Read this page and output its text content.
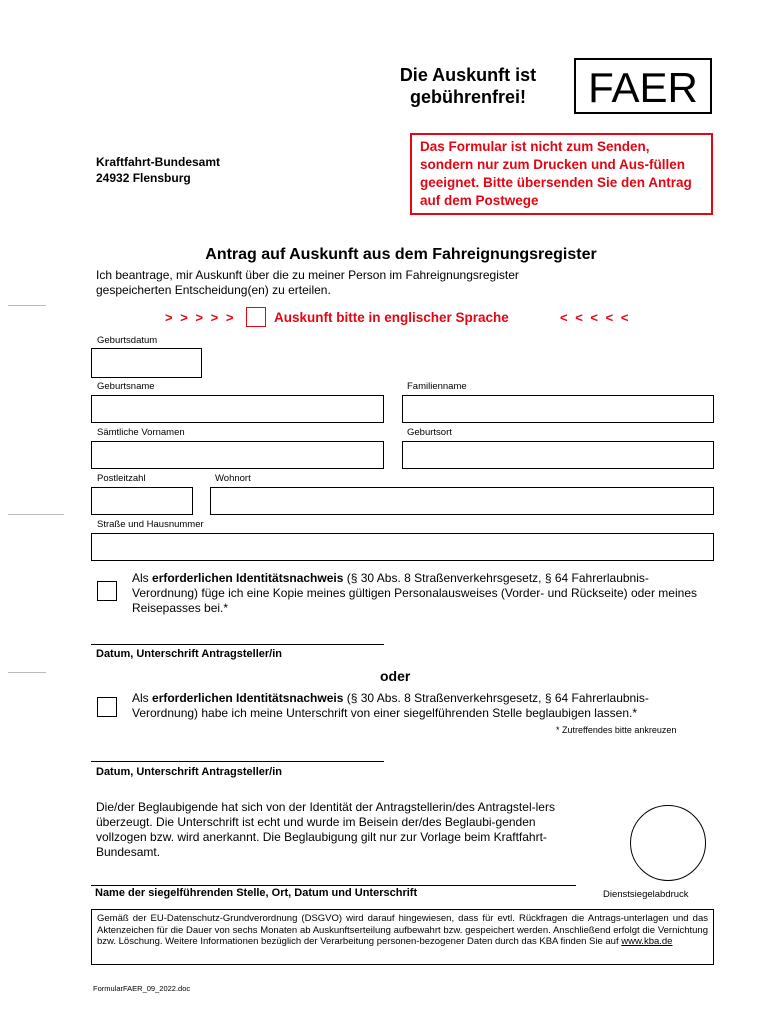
Die Auskunft ist gebührenfrei!	FAER
Das Formular ist nicht zum Senden, sondern nur zum Drucken und Aus-füllen geeignet. Bitte übersenden Sie den Antrag auf dem Postwege
Kraftfahrt-Bundesamt
24932 Flensburg
Antrag auf Auskunft aus dem Fahreignungsregister
Ich beantrage, mir Auskunft über die zu meiner Person im Fahreignungsregister gespeicherten Entscheidung(en) zu erteilen.
> > > > >	Auskunft bitte in englischer Sprache	< < < < <
Geburtsdatum
Geburtsname	Familienname
Sämtliche Vornamen	Geburtsort
Postleitzahl	Wohnort
Straße und Hausnummer
Als erforderlichen Identitätsnachweis (§ 30 Abs. 8 Straßenverkehrsgesetz, § 64 Fahrerlaubnis-Verordnung) füge ich eine Kopie meines gültigen Personalausweises (Vorder- und Rückseite) oder meines Reisepasses bei.*
Datum, Unterschrift Antragsteller/in
oder
Als erforderlichen Identitätsnachweis (§ 30 Abs. 8 Straßenverkehrsgesetz, § 64 Fahrerlaubnis-Verordnung) habe ich meine Unterschrift von einer siegelführenden Stelle beglaubigen lassen.*
* Zutreffendes bitte ankreuzen
Datum, Unterschrift Antragsteller/in
Die/der Beglaubigende hat sich von der Identität der Antragstellerin/des Antragstel-lers überzeugt. Die Unterschrift ist echt und wurde im Beisein der/des Beglaubi-genden vollzogen bzw. wird anerkannt. Die Beglaubigung gilt nur zur Vorlage beim Kraftfahrt-Bundesamt.
Name der siegelführenden Stelle, Ort, Datum und Unterschrift	Dienstsiegelabdruck
Gemäß der EU-Datenschutz-Grundverordnung (DSGVO) wird darauf hingewiesen, dass für evtl. Rückfragen die Antrags-unterlagen und das Aktenzeichen für die Dauer von sechs Monaten ab Auskunftserteilung aufbewahrt bzw. gespeichert werden. Anschließend erfolgt die Vernichtung bzw. Löschung. Weitere Informationen bezüglich der Verarbeitung personen-bezogener Daten durch das KBA finden Sie auf www.kba.de
FormularFAER_09_2022.doc
